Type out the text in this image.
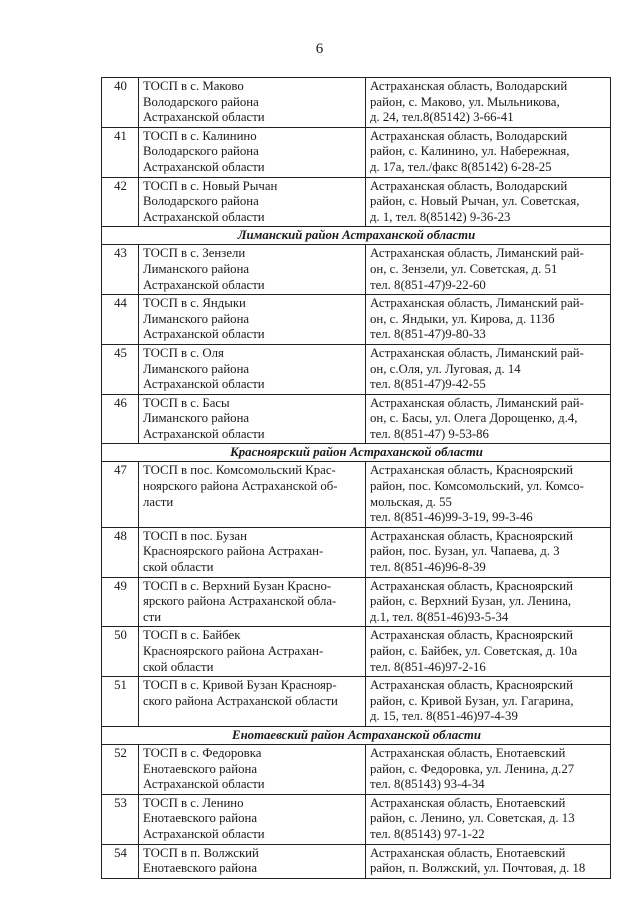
6
40	ТОСП в с. Маково
Володарского района
Астраханской области	Астраханская область, Володарский
район, с. Маково, ул. Мыльникова,
д. 24, тел.8(85142) 3-66-41
41	ТОСП в с. Калинино
Володарского района
Астраханской области	Астраханская область, Володарский
район, с. Калинино, ул. Набережная,
д. 17а, тел./факс 8(85142) 6-28-25
42	ТОСП в с. Новый Рычан
Володарского района
Астраханской области	Астраханская область, Володарский
район, с. Новый Рычан, ул. Советская,
д. 1, тел. 8(85142) 9-36-23
Лиманский район Астраханской области		
43	ТОСП в с. Зензели
Лиманского района
Астраханской области	Астраханская область, Лиманский рай-
он, с. Зензели, ул. Советская, д. 51
тел. 8(851-47)9-22-60
44	ТОСП в с. Яндыки
Лиманского района
Астраханской области	Астраханская область, Лиманский рай-
он, с. Яндыки, ул. Кирова, д. 113б
тел. 8(851-47)9-80-33
45	ТОСП в с. Оля
Лиманского района
Астраханской области	Астраханская область, Лиманский рай-
он, с.Оля, ул. Луговая, д. 14
тел. 8(851-47)9-42-55
46	ТОСП в с. Басы
Лиманского района
Астраханской области	Астраханская область, Лиманский рай-
он, с. Басы, ул. Олега Дорощенко, д.4,
тел. 8(851-47) 9-53-86
Красноярский район Астраханской области		
47	ТОСП в пос. Комсомольский Крас-
ноярского района Астраханской об-
ласти	Астраханская область, Красноярский
район, пос. Комсомольский, ул. Комсо-
мольская, д. 55
тел. 8(851-46)99-3-19, 99-3-46
48	ТОСП в пос. Бузан
Красноярского района Астрахан-
ской области	Астраханская область, Красноярский
район, пос. Бузан, ул. Чапаева, д. 3
тел. 8(851-46)96-8-39
49	ТОСП в с. Верхний Бузан Красно-
ярского района Астраханской обла-
сти	Астраханская область, Красноярский
район, с. Верхний Бузан, ул. Ленина,
д.1, тел. 8(851-46)93-5-34
50	ТОСП в с. Байбек
Красноярского района Астрахан-
ской области	Астраханская область, Красноярский
район, с. Байбек, ул. Советская, д. 10а
тел. 8(851-46)97-2-16
51	ТОСП в с. Кривой Бузан Краснояр-
ского района Астраханской области	Астраханская область, Красноярский
район, с. Кривой Бузан, ул. Гагарина,
д. 15, тел. 8(851-46)97-4-39
Енотаевский район Астраханской области		
52	ТОСП в с. Федоровка
Енотаевского района
Астраханской области	Астраханская область, Енотаевский
район, с. Федоровка, ул. Ленина, д.27
тел. 8(85143) 93-4-34
53	ТОСП в с. Ленино
Енотаевского района
Астраханской области	Астраханская область, Енотаевский
район, с. Ленино, ул. Советская, д. 13
тел. 8(85143) 97-1-22
54	ТОСП в п. Волжский
Енотаевского района	Астраханская область, Енотаевский
район, п. Волжский, ул. Почтовая, д. 18
